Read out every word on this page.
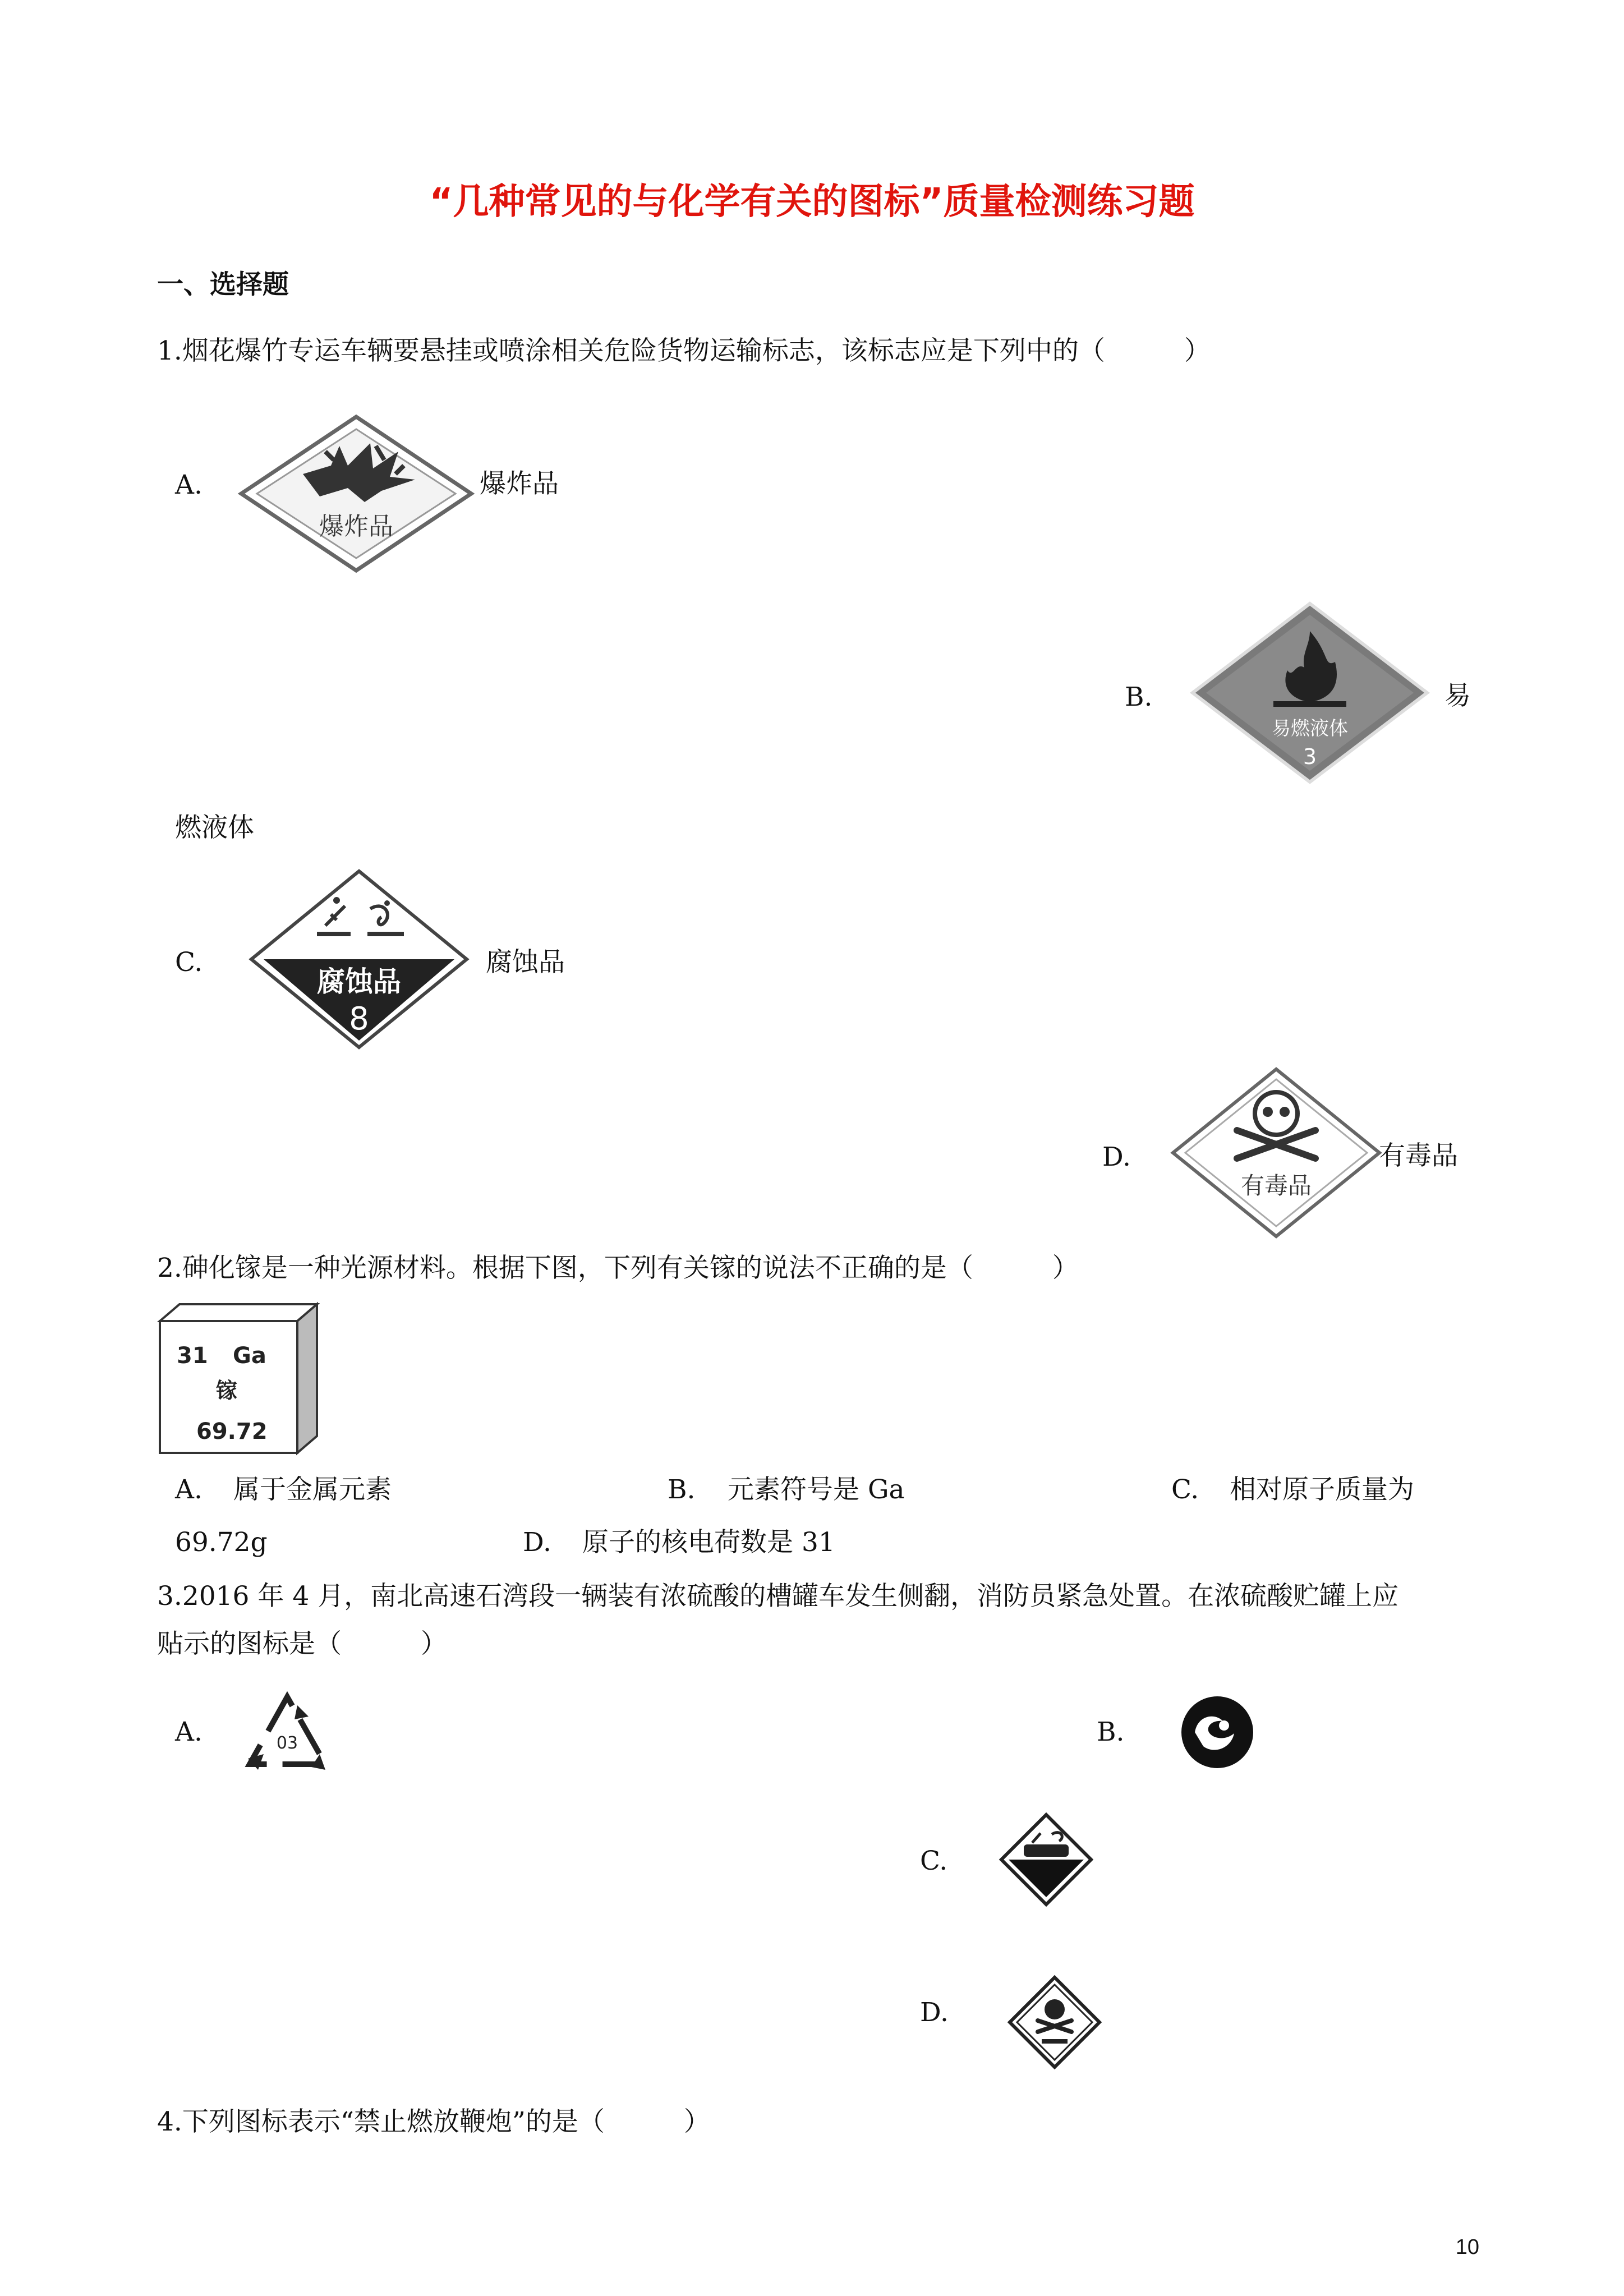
“几种常见的与化学有关的图标”质量检测练习题
一、选择题
1.烟花爆竹专运车辆要悬挂或喷涂相关危险货物运输标志，该标志应是下列中的（　　　）
A.
爆炸品
爆炸品
B.
易燃液体
3
易
燃液体
C.
腐蚀品
8
腐蚀品
D.
有毒品
有毒品
2.砷化镓是一种光源材料。根据下图，下列有关镓的说法不正确的是（　　　）
31 Ga
镓
69.72
A. 属于金属元素	B. 元素符号是 Ga	C. 相对原子质量为
69.72g	D. 原子的核电荷数是 31
3.2016 年 4 月，南北高速石湾段一辆装有浓硫酸的槽罐车发生侧翻，消防员紧急处置。在浓硫酸贮罐上应
贴示的图标是（　　　）
A.	03	B.
C.
D.
4.下列图标表示“禁止燃放鞭炮”的是（　　　）
10
